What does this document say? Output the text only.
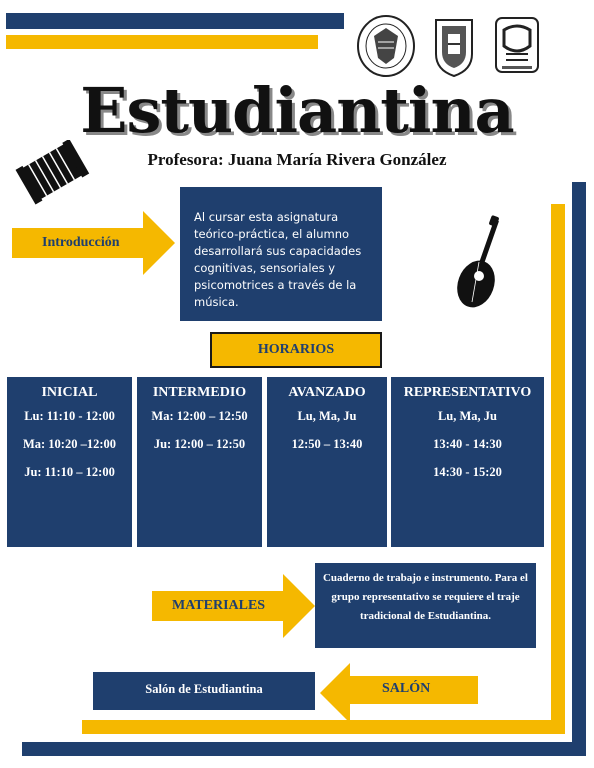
Estudiantina
Profesora: Juana María Rivera González
Introducción
Al cursar esta asignatura teórico-práctica, el alumno desarrollará sus capacidades cognitivas, sensoriales y psicomotrices a través de la música.
HORARIOS
INICIAL
Lu: 11:10 - 12:00
Ma: 10:20 –12:00
Ju: 11:10 – 12:00
INTERMEDIO
Ma: 12:00 – 12:50
Ju: 12:00 – 12:50
AVANZADO
Lu, Ma, Ju
12:50 – 13:40
REPRESENTATIVO
Lu, Ma, Ju
13:40 - 14:30
14:30 - 15:20
MATERIALES
Cuaderno de trabajo e instrumento. Para el grupo representativo se requiere el traje tradicional de Estudiantina.
Salón de Estudiantina	SALÓN
